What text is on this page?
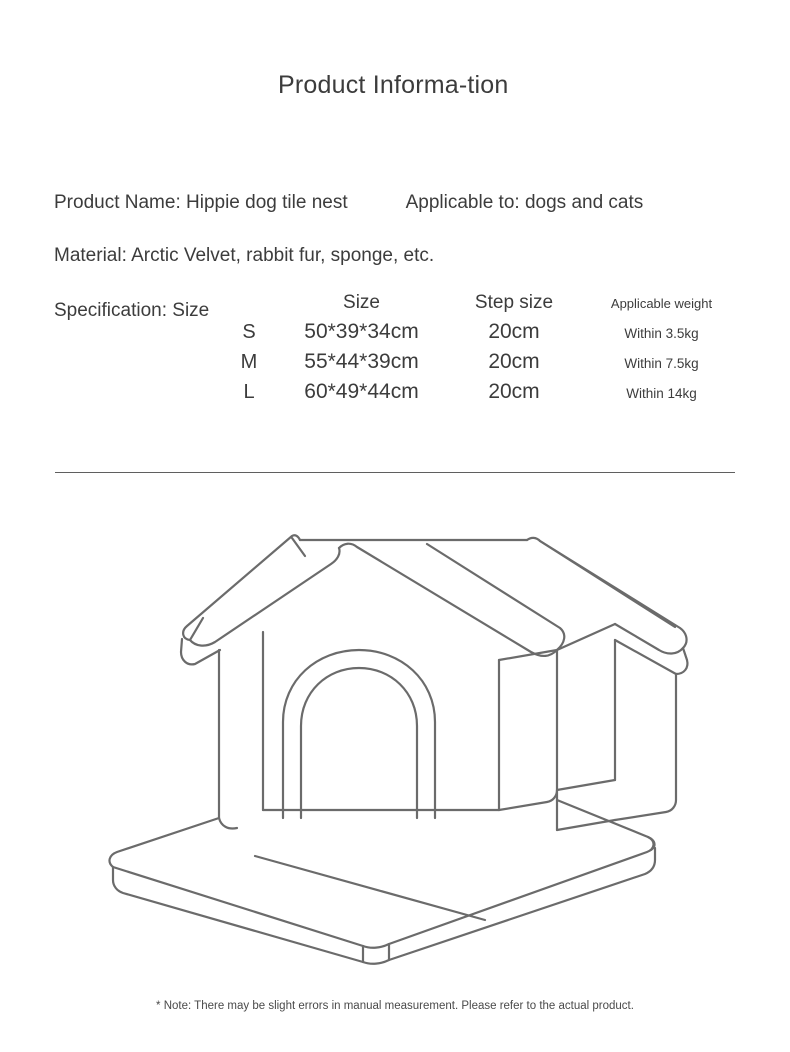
Product Informa-tion
Product Name: Hippie dog tile nest	Applicable to: dogs and cats
Material: Arctic Velvet, rabbit fur, sponge, etc.
Specification: Size	Size	Step size	Applicable weight
S	50*39*34cm	20cm	Within 3.5kg
M	55*44*39cm	20cm	Within 7.5kg
L	60*49*44cm	20cm	Within 14kg
* Note: There may be slight errors in manual measurement. Please refer to the actual product.
